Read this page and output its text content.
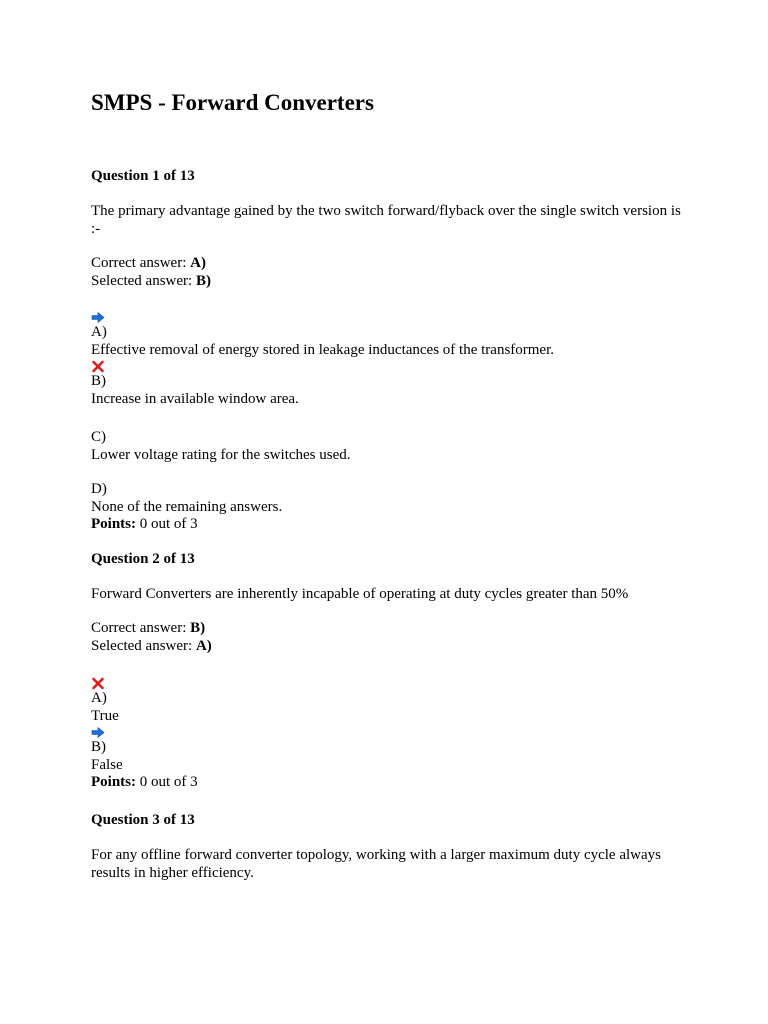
SMPS - Forward Converters

Question 1 of 13

The primary advantage gained by the two switch forward/flyback over the single switch version is :-

Correct answer: A)
Selected answer: B)
A)
Effective removal of energy stored in leakage inductances of the transformer.
B)
Increase in available window area.
C)
Lower voltage rating for the switches used.
D)
None of the remaining answers.
Points: 0 out of 3

Question 2 of 13

Forward Converters are inherently incapable of operating at duty cycles greater than 50%

Correct answer: B)
Selected answer: A)
A)
True
B)
False
Points: 0 out of 3

Question 3 of 13

For any offline forward converter topology, working with a larger maximum duty cycle always results in higher efficiency.
